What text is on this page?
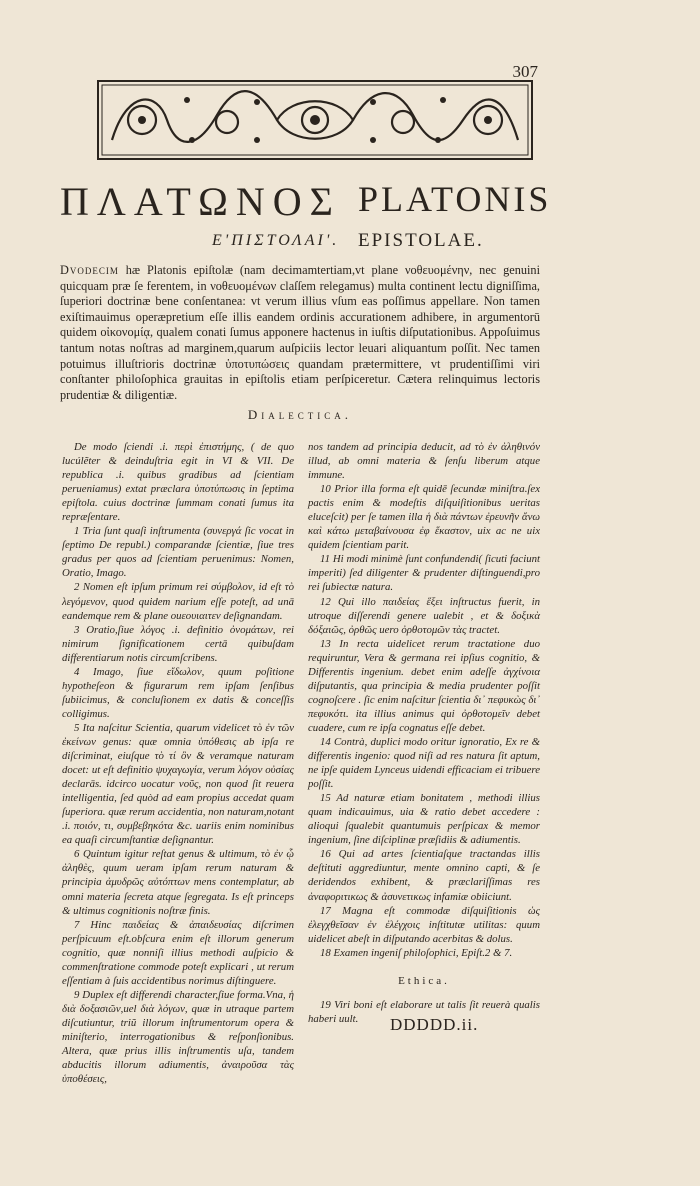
307
ΠΛΑΤΩΝΟΣ PLATONIS
Ε'ΠΙΣΤΟΛΑΙ'. EPISTOLAE.
Dvodecim hæ Platonis epiſtolæ (nam decimamtertiam,vt plane νοθευομένην, nec genuini quicquam præ ſe ferentem, in νοθευομένων claſſem relegamus) multa continent lectu digniſſima, ſuperiori doctrinæ bene conſentanea: vt verum illius vſum eas poſſimus appellare. Non tamen exiſtimauimus operæpretium eſſe illis eandem ordinis accurationem adhibere, in argumentorū quidem οἰκονομίᾳ, qualem conati ſumus apponere hactenus in iuſtis diſputationibus. Appoſuimus tantum notas noſtras ad marginem,quarum auſpiciis lector leuari aliquantum poſſit. Nec tamen potuimus illuſtrioris doctrinæ ὑποτυπώσεις quandam prætermittere, vt prudentiſſimi viri conſtanter philoſophica grauitas in epiſtolis etiam perſpiceretur. Cætera relinquimus lectoris prudentiæ & diligentiæ.
Dialectica.

De modo ſciendi .i. περὶ ἐπιστήμης, ( de quo lucúlẽter & deinduſtria egit in VI & VII. De republica .i. quibus gradibus ad ſcientiam perueniamus) extat præclara ὑποτύπωσις in ſeptima epiſtola. cuius doctrinæ ſummam conati ſumus ita repræſentare.

1 Tria ſunt quaſi inſtrumenta (συνεργά ſic vocat in ſeptimo De republ.) comparandæ ſcientiæ, ſiue tres gradus per quos ad ſcientiam peruenimus: Nomen, Oratio, Imago.

2 Nomen eſt ipſum primum rei σύμβολον, id eſt τὸ λεγόμενον, quod quidem narium eſſe poteſt, ad unā eandemque rem & plane ouεουιαιτεν deſignandam.

3 Oratio,ſiue λόγος .i. definitio ὀνομάτων, rei nimirum ſignificationem certā quibuſdam differentiarum notis circumſcribens.

4 Imago, ſiue εἴδωλον, quum poſitione hypotheſeon & figurarum rem ipſam ſenſibus ſubiicimus, & concluſionem ex datis & conceſſis colligimus.

5 Ita naſcitur Scientia, quarum videlicet τὸ ἐν τῶν ἐκείνων genus: quæ omnia ὑπόθεσις ab ipſa re diſcriminat, eiuſque τὸ τί ὂν & veramque naturam docet: ut eſt definitio ψυχαγωγία, verum λόγον οὐσίας declarās. idcirco uocatur νοῦς, non quod ſit reuera intelligentia, ſed quòd ad eam propius accedat quam ſuperiora. quæ rerum accidentia, non naturam,notant .i. ποιόν, τι, συμβεβηκότα &c. uariis enim nominibus ea quaſi circumſtantiæ deſignantur.

6 Quintum igitur reſtat genus & ultimum, τὸ ἐν ᾧ ἀληθὲς, quum ueram ipſam rerum naturam & principia ἀμυδρῶς αὐτόπτων mens contemplatur, ab omni materia ſecreta atque ſegregata. Is eſt princeps & ultimus cognitionis noſtræ finis.

7 Hinc παιδείας & ἀπαιδευσίας diſcrimen perſpicuum eſt.obſcura enim eſt illorum generum cognitio, quæ nonniſi illius methodi auſpicio & commenſtratione commode poteſt explicari , ut rerum eſſentiam à ſuis accidentibus norimus diſtinguere.

9 Duplex eſt differendi character,ſiue forma.Vna, ἡ διὰ δοξασιῶν,uel διὰ λόγων, quæ in utraque partem diſcutiuntur, triũ illorum inſtrumentorum opera & miniſterio, interrogationibus & reſponſionibus. Altera, quæ prius illis inſtrumentis uſa, tandem abducitis illorum adiumentis, ἀναιροῦσα τὰς ὑποθέσεις,

nos tandem ad principia deducit, ad τὸ ἐν ἀληθινόν illud, ab omni materia & ſenſu liberum atque immune.

10 Prior illa forma eſt quidē ſecundæ miniſtra.ſex pactis enim & modeſtis diſquiſitionibus ueritas eluceſcit) per ſe tamen illa ἡ διὰ πάντων ἐρευνῆν ἄνω καὶ κάτω μεταβαίνουσα ἐφ ἕκαστον, uix ac ne uix quidem ſcientiam parit.

11 Hi modi minimè ſunt confundendi( ſicuti faciunt imperiti) ſed diligenter & prudenter diſtinguendi,pro rei ſubiectæ natura.

12 Qui illo παιδείας ἕξει inſtructus fuerit, in utroque diſſerendi genere ualebit , et & δοξικὰ δόξαιῶς, ὀρθῶς uero ὀρθοτομῶν τὰς tractet.

13 In recta uidelicet rerum tractatione duo requiruntur, Vera & germana rei ipſius cognitio, & Differentis ingenium. debet enim adeſſe ἀγχίνοια diſputantis, qua principia & media prudenter poſſit cognoſcere . ſic enim naſcitur ſcientia δι᾽ πεφυκὼς δι᾽ πεφυκότι. ita illius animus qui ὀρθοτομεῖν debet cuadere, cum re ipſa cognatus eſſe debet.

14 Contrà, duplici modo oritur ignoratio, Ex re & differentis ingenio: quod niſi ad res natura ſit aptum, ne ipſe quidem Lynceus uidendi efficaciam ei tribuere poſſit.

15 Ad naturæ etiam bonitatem , methodi illius quam indicauimus, uia & ratio debet accedere : alioqui ſqualebit quantumuis perſpicax & memor ingenium, ſine diſciplinæ præſidiis & adiumentis.

16 Qui ad artes ſcientiaſque tractandas illis deſtituti aggrediuntur, mente omnino capti, & ſe deridendos exhibent, & præclariſſimas res ἀναφοριτικως & ἀσυνετικως infamiæ obiiciunt.

17 Magna eſt commodæ diſquiſitionis ὡς ἐλεγχθεῖσαν ἐν ἐλέγχοις inſtitutæ utilitas: quum uidelicet abeſt in diſputando acerbitas & dolus.

18 Examen ingeniſ philoſophici, Epiſt.2 & 7.

Ethica.

19 Viri boni eſt elaborare ut talis ſit reuerà qualis haberi uult.	DDDDD.ii.
